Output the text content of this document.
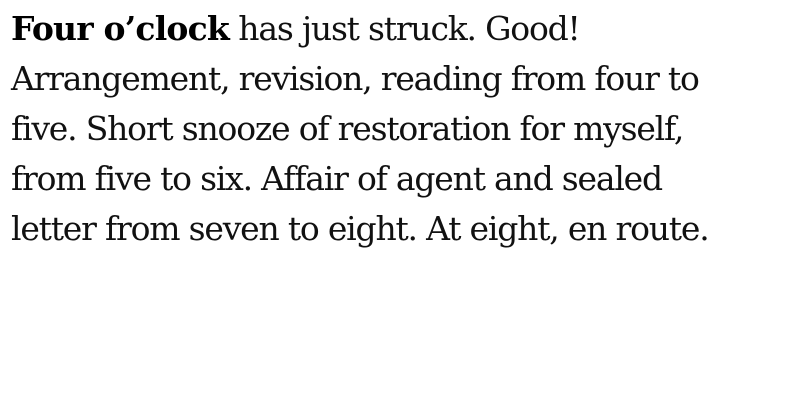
Four o’clock has just struck. Good!
Arrangement, revision, reading from four to
five. Short snooze of restoration for myself,
from five to six. Affair of agent and sealed
letter from seven to eight. At eight, en route.
